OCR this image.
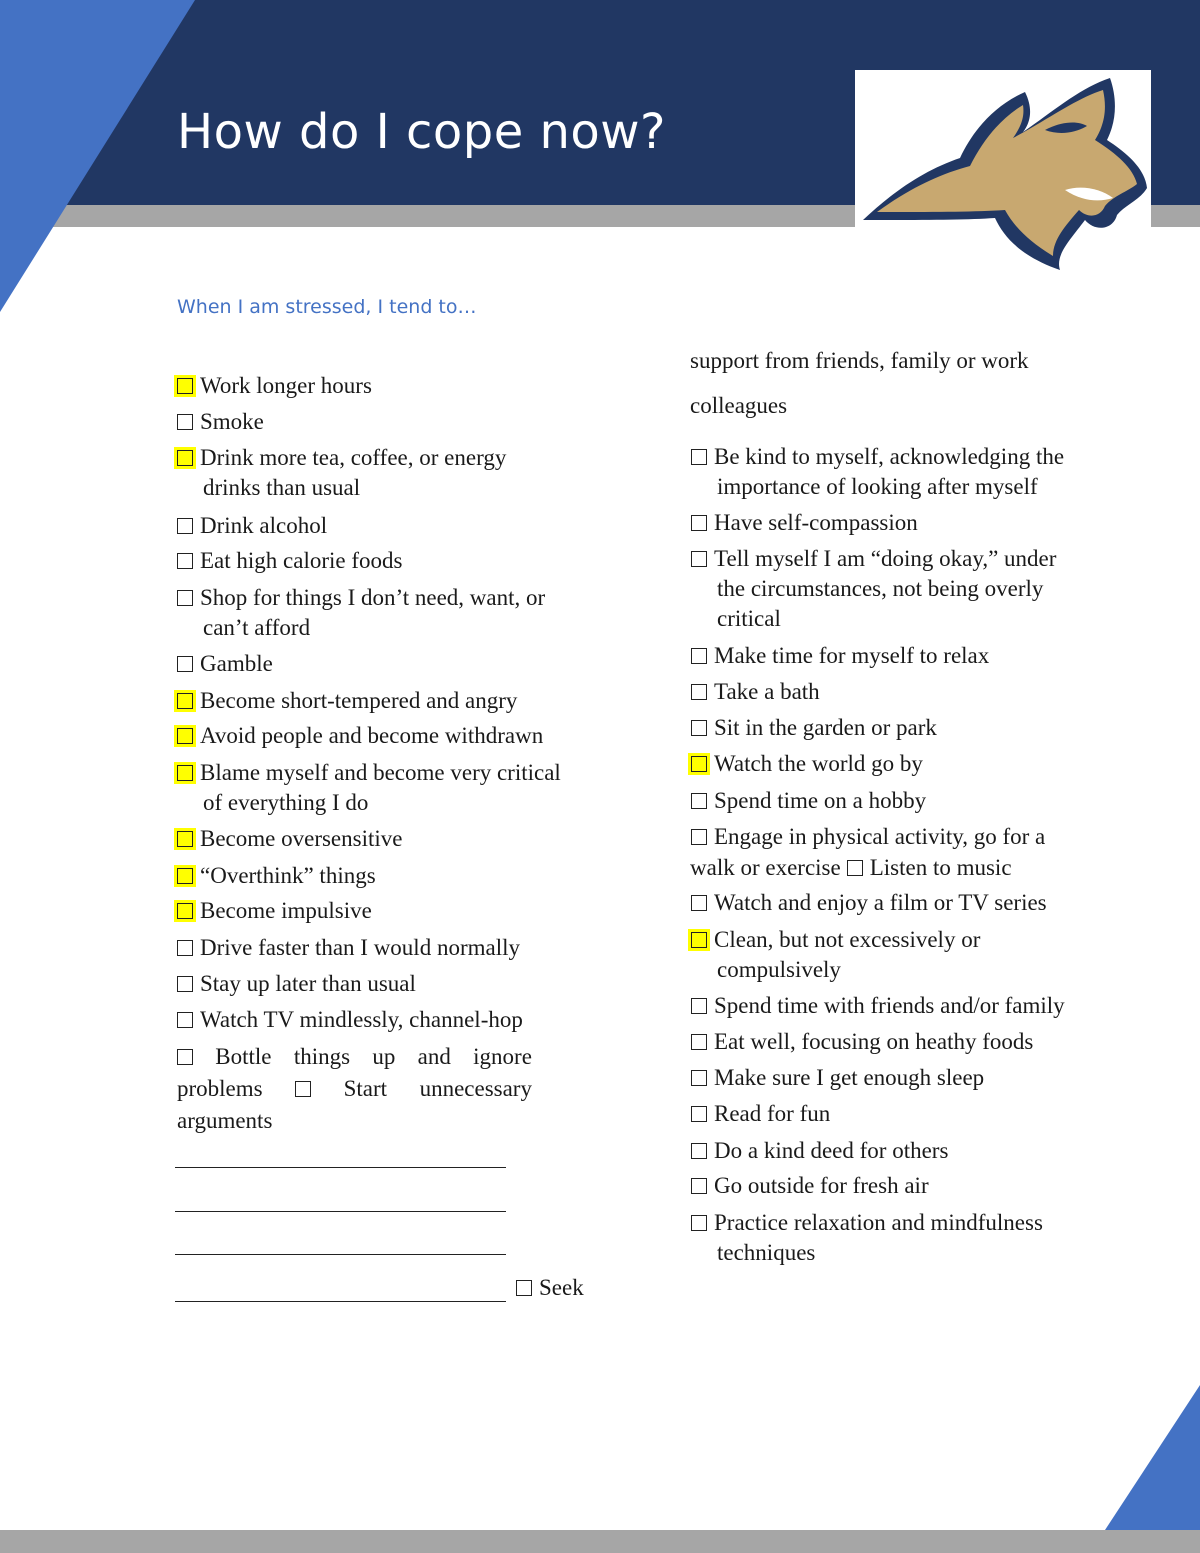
How do I cope now?
When I am stressed, I tend to…
Work longer hours
Smoke
Drink more tea, coffee, or energy
drinks than usual
Drink alcohol
Eat high calorie foods
Shop for things I don’t need, want, or
can’t afford
Gamble
Become short-tempered and angry
Avoid people and become withdrawn
Blame myself and become very critical
of everything I do
Become oversensitive
“Overthink” things
Become impulsive
Drive faster than I would normally
Stay up later than usual
Watch TV mindlessly, channel-hop
Bottle things up and ignore
problems	Start unnecessary
arguments
Seek
support from friends, family or work
colleagues
Be kind to myself, acknowledging the
importance of looking after myself
Have self-compassion
Tell myself I am “doing okay,” under
the circumstances, not being overly
critical
Make time for myself to relax
Take a bath
Sit in the garden or park
Watch the world go by
Spend time on a hobby
Engage in physical activity, go for a
walk or exercise Listen to music
Watch and enjoy a film or TV series
Clean, but not excessively or
compulsively
Spend time with friends and/or family
Eat well, focusing on heathy foods
Make sure I get enough sleep
Read for fun
Do a kind deed for others
Go outside for fresh air
Practice relaxation and mindfulness
techniques
